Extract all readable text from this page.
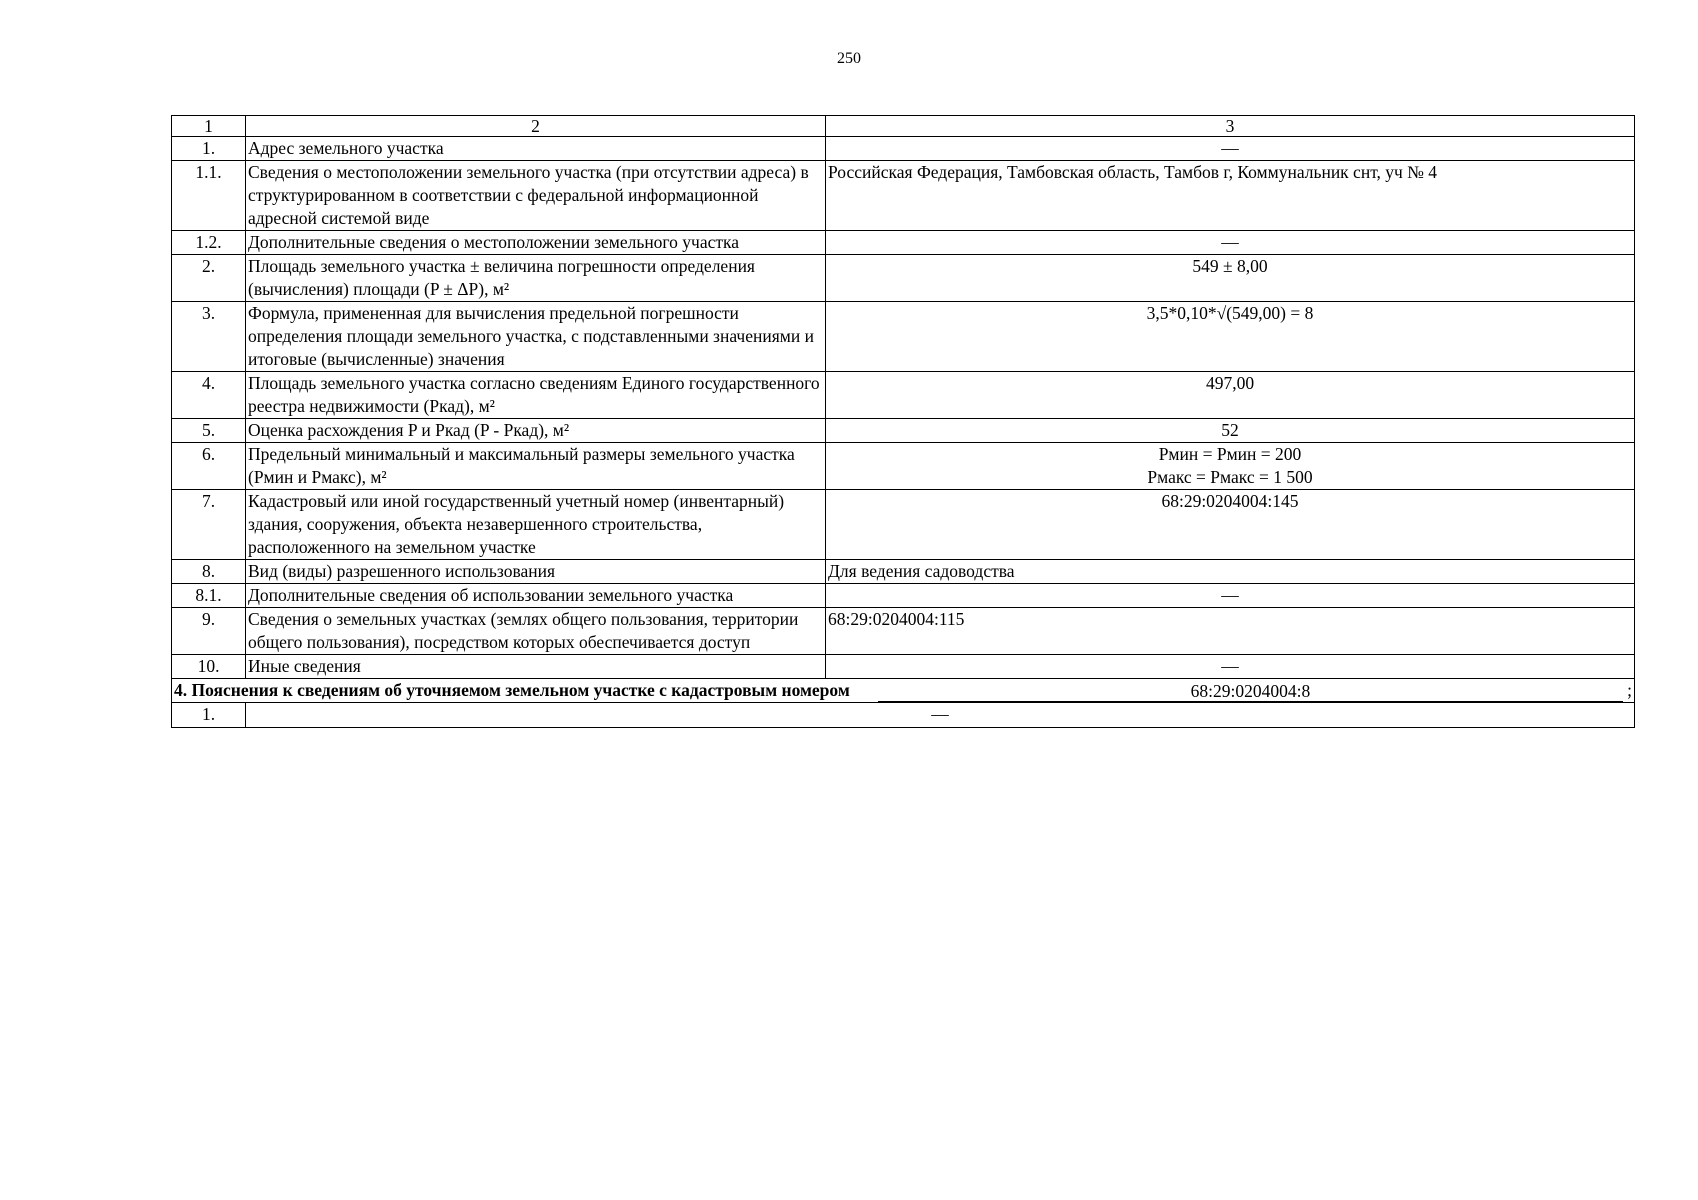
250
1	2	3
1.	Адрес земельного участка	—
1.1.	Сведения о местоположении земельного участка (при отсутствии адреса) в структурированном в соответствии с федеральной информационной адресной системой виде	Российская Федерация, Тамбовская область, Тамбов г, Коммунальник снт, уч № 4
1.2.	Дополнительные сведения о местоположении земельного участка	—
2.	Площадь земельного участка ± величина погрешности определения (вычисления) площади (P ± ΔP), м²	549 ± 8,00
3.	Формула, примененная для вычисления предельной погрешности определения площади земельного участка, с подставленными значениями и итоговые (вычисленные) значения	3,5*0,10*√(549,00) = 8
4.	Площадь земельного участка согласно сведениям Единого государственного реестра недвижимости (Ркад), м²	497,00
5.	Оценка расхождения P и Ркад (P - Ркад), м²	52
6.	Предельный минимальный и максимальный размеры земельного участка (Pмин и Pмакс), м²	Pмин = Pмин = 200
Pмакс = Pмакс = 1 500

7.	Кадастровый или иной государственный учетный номер (инвентарный) здания, сооружения, объекта незавершенного строительства, расположенного на земельном участке	68:29:0204004:145
8.	Вид (виды) разрешенного использования	Для ведения садоводства
8.1.	Дополнительные сведения об использовании земельного участка	—
9.	Сведения о земельных участках (землях общего пользования, территории общего пользования), посредством которых обеспечивается доступ	68:29:0204004:115
10.	Иные сведения	—

4. Пояснения к сведениям об уточняемом земельном участке с кадастровым номером 68:29:0204004:8 ;		

1.	—	
